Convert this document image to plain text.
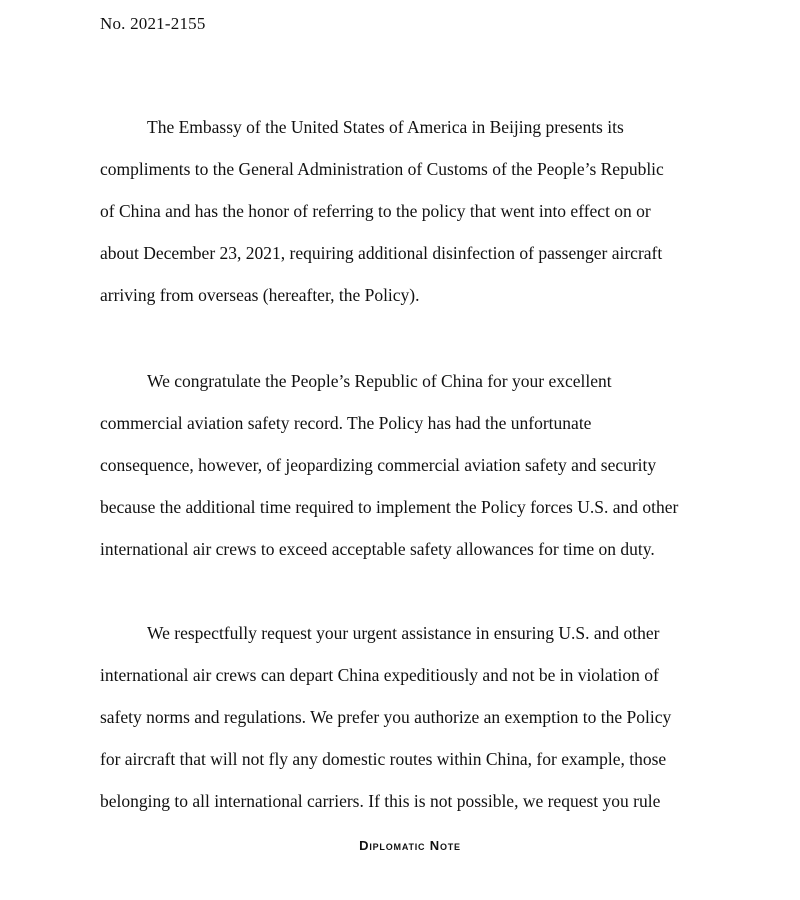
No. 2021-2155
The Embassy of the United States of America in Beijing presents its
compliments to the General Administration of Customs of the People’s Republic
of China and has the honor of referring to the policy that went into effect on or
about December 23, 2021, requiring additional disinfection of passenger aircraft
arriving from overseas (hereafter, the Policy).
We congratulate the People’s Republic of China for your excellent
commercial aviation safety record. The Policy has had the unfortunate
consequence, however, of jeopardizing commercial aviation safety and security
because the additional time required to implement the Policy forces U.S. and other
international air crews to exceed acceptable safety allowances for time on duty.
We respectfully request your urgent assistance in ensuring U.S. and other
international air crews can depart China expeditiously and not be in violation of
safety norms and regulations. We prefer you authorize an exemption to the Policy
for aircraft that will not fly any domestic routes within China, for example, those
belonging to all international carriers. If this is not possible, we request you rule
Diplomatic Note
